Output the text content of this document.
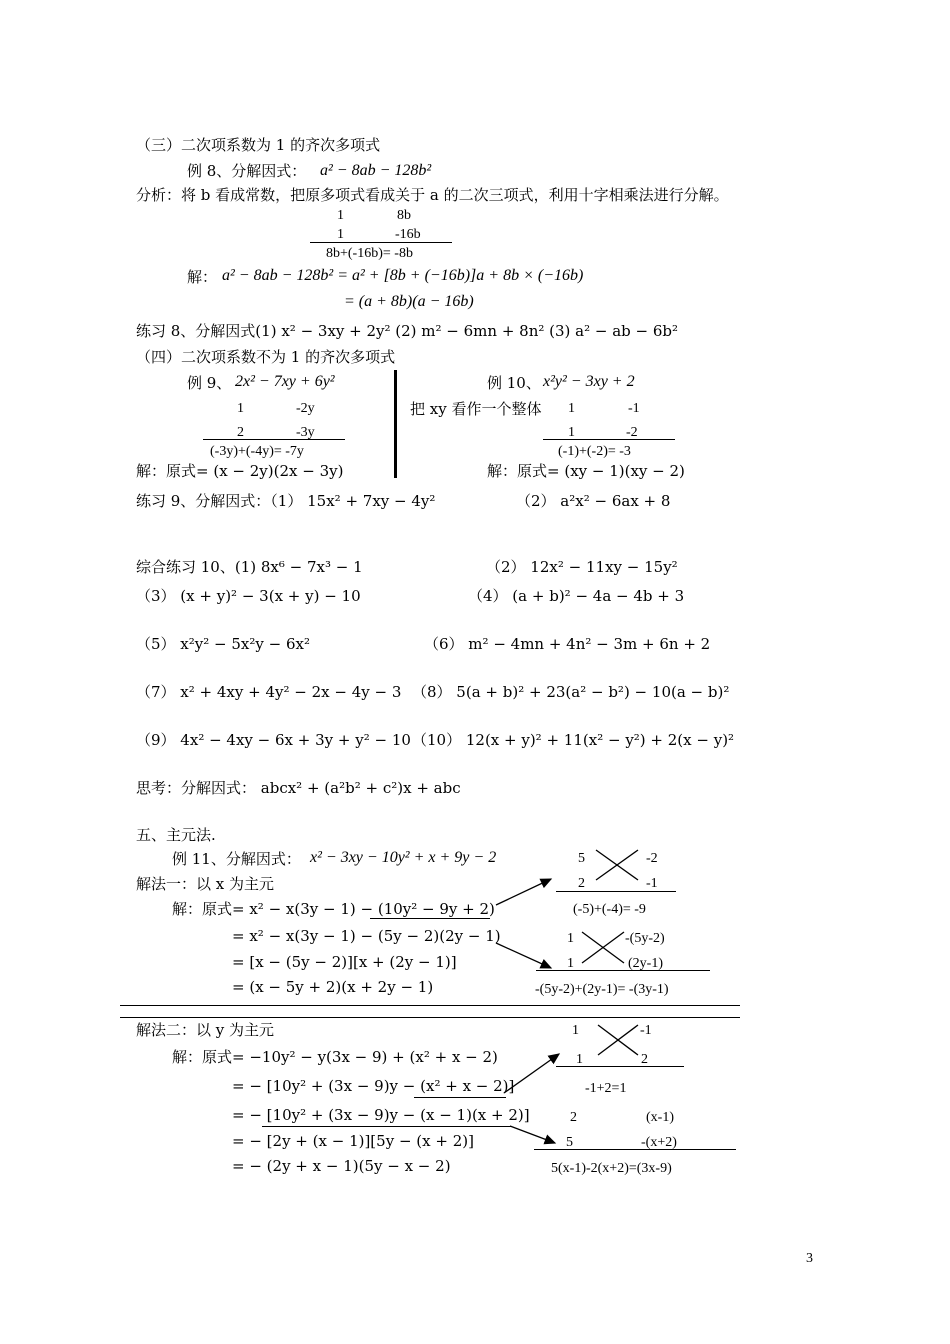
（三）二次项系数为 1 的齐次多项式
例 8、分解因式： a² − 8ab − 128b²
分析：将 b 看成常数，把原多项式看成关于 a 的二次三项式，利用十字相乘法进行分解。
1	8b
1	-16b
8b+(-16b)= -8b
解： a² − 8ab − 128b² = a² + [8b + (−16b)]a + 8b × (−16b)
= (a + 8b)(a − 16b)
练习 8、分解因式(1) x² − 3xy + 2y² (2) m² − 6mn + 8n² (3) a² − ab − 6b²
（四）二次项系数不为 1 的齐次多项式
例 9、 2x² − 7xy + 6y²
1	-2y
2	-3y
(-3y)+(-4y)= -7y
解：原式= (x − 2y)(2x − 3y)
把 xy 看作一个整体
例 10、 x²y² − 3xy + 2
1	-1
1	-2
(-1)+(-2)= -3
解：原式= (xy − 1)(xy − 2)
练习 9、分解因式：（1） 15x² + 7xy − 4y²	（2） a²x² − 6ax + 8
综合练习 10、(1) 8x⁶ − 7x³ − 1	（2） 12x² − 11xy − 15y²
（3） (x + y)² − 3(x + y) − 10	（4） (a + b)² − 4a − 4b + 3
（5） x²y² − 5x²y − 6x²	（6） m² − 4mn + 4n² − 3m + 6n + 2
（7） x² + 4xy + 4y² − 2x − 4y − 3 （8） 5(a + b)² + 23(a² − b²) − 10(a − b)²
（9） 4x² − 4xy − 6x + 3y + y² − 10 （10） 12(x + y)² + 11(x² − y²) + 2(x − y)²
思考：分解因式： abcx² + (a²b² + c²)x + abc
五、主元法.
例 11、分解因式： x² − 3xy − 10y² + x + 9y − 2
解法一：以 x 为主元
解：原式= x² − x(3y − 1) − (10y² − 9y + 2)
= x² − x(3y − 1) − (5y − 2)(2y − 1)
= [x − (5y − 2)][x + (2y − 1)]
= (x − 5y + 2)(x + 2y − 1)
5	-2
2	-1
(-5)+(-4)= -9
1	-(5y-2)
1	(2y-1)
-(5y-2)+(2y-1)= -(3y-1)
解法二：以 y 为主元
解：原式= −10y² − y(3x − 9) + (x² + x − 2)
= − [10y² + (3x − 9)y − (x² + x − 2)]
= − [10y² + (3x − 9)y − (x − 1)(x + 2)]
= − [2y + (x − 1)][5y − (x + 2)]
= − (2y + x − 1)(5y − x − 2)
1	-1
1	2
-1+2=1
2	(x-1)
5	-(x+2)
5(x-1)-2(x+2)=(3x-9)
3
